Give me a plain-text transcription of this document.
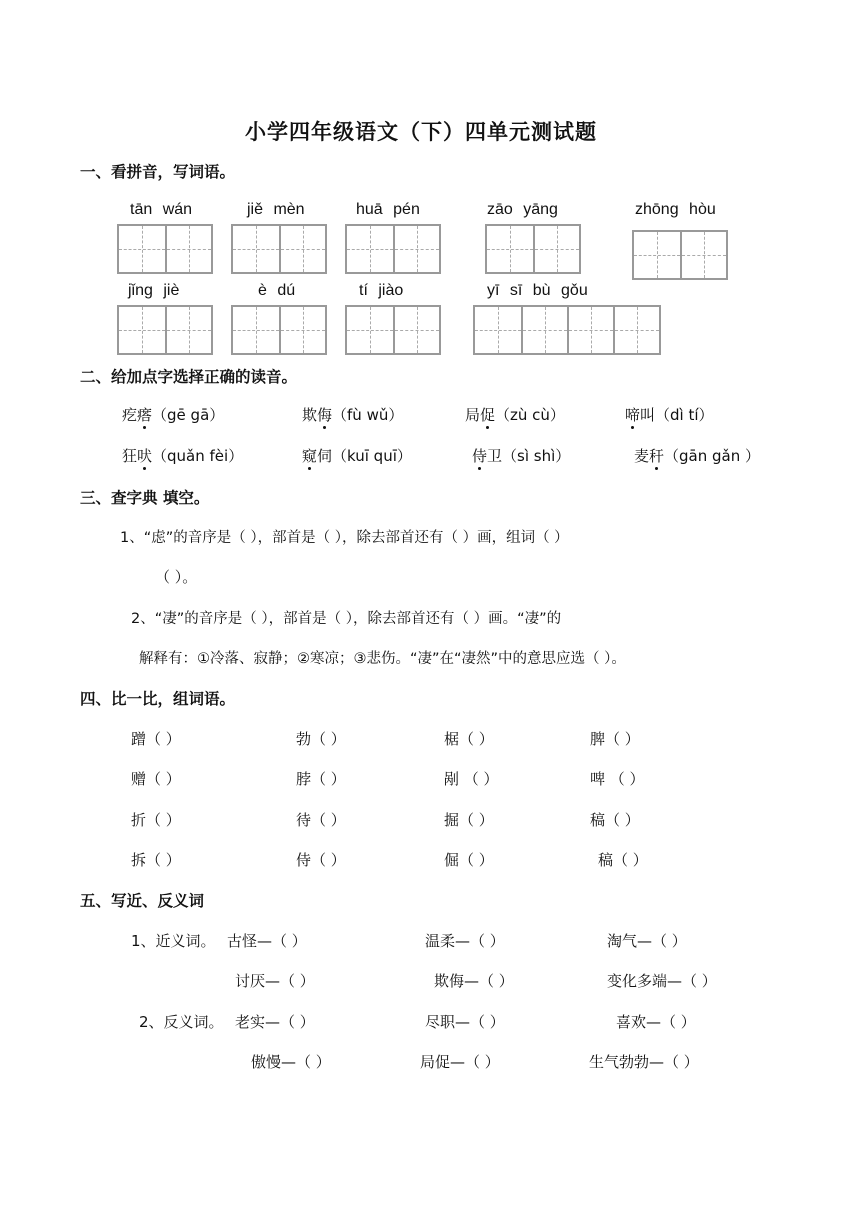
小学四年级语文（下）四单元测试题
一、看拼音，写词语。
tān wán	jiě mèn	huā pén	zāo yāng	zhōng hòu
jǐng jiè	è dú	tí jiào	yī sī bù gǒu
二、给加点字选择正确的读音。
疙瘩（gē gā）	欺侮（fù wǔ）	局促（zù cù）	啼叫（dì tí）
狂吠（quǎn fèi）	窥伺（kuī quī）	侍卫（sì shì）	麦秆（gān gǎn ）
三、查字典 填空。
1、“虑”的音序是（ ），部首是（ ），除去部首还有（ ）画，组词（ ）
（ ）。
2、“凄”的音序是（ ），部首是（ ），除去部首还有（ ）画。“凄”的
解释有：①冷落、寂静；②寒凉；③悲伤。“凄”在“凄然”中的意思应选（ ）。
四、比一比，组词语。
蹭（ ）	勃（ ）	椐（ ）	脾（ ）
赠（ ）	脖（ ）	剐 （ ）	啤 （ ）
折（ ）	待（ ）	掘（ ）	稿（ ）
拆（ ）	侍（ ）	倔（ ）	稿（ ）
五、写近、反义词
1、近义词。 古怪—（ ）	温柔—（ ）	淘气—（ ）
讨厌—（ ）	欺侮—（ ）	变化多端—（ ）
2、反义词。 老实—（ ）	尽职—（ ）	喜欢—（ ）
傲慢—（ ）	局促—（ ）	生气勃勃—（ ）
